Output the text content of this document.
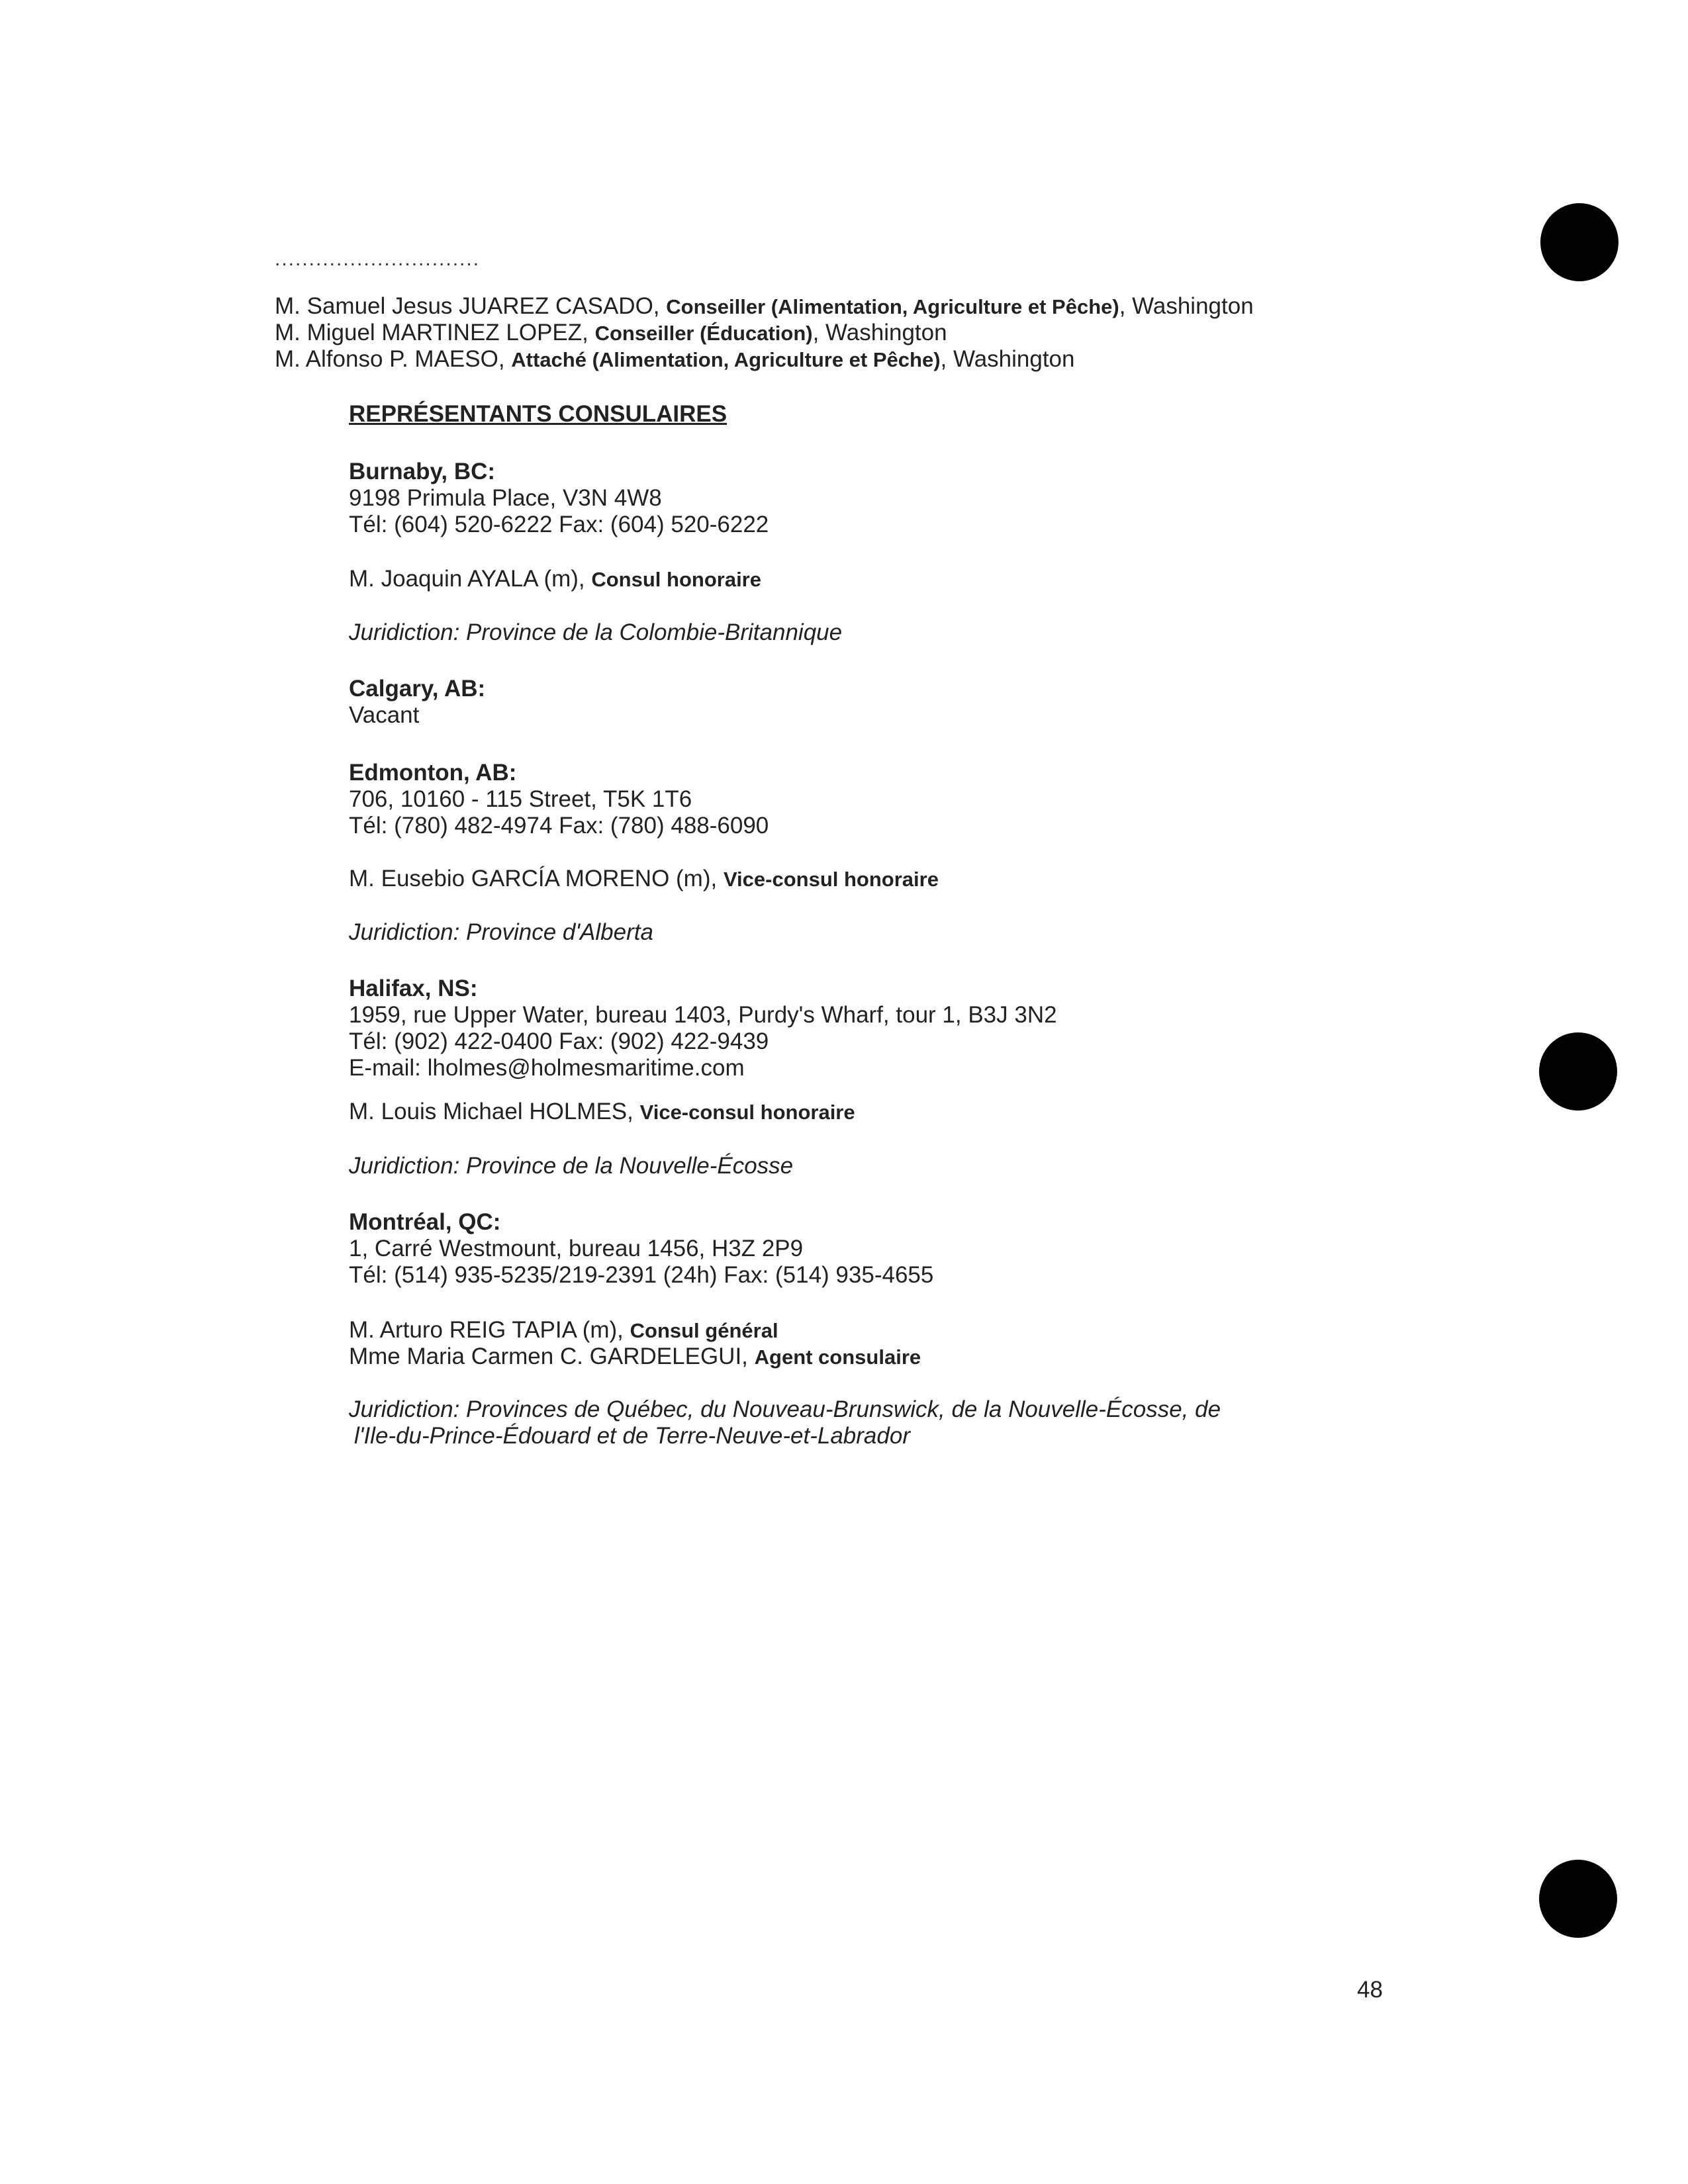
..............................
M. Samuel Jesus JUAREZ CASADO, Conseiller (Alimentation, Agriculture et Pêche), Washington
M. Miguel MARTINEZ LOPEZ, Conseiller (Éducation), Washington
M. Alfonso P. MAESO, Attaché (Alimentation, Agriculture et Pêche), Washington
REPRÉSENTANTS CONSULAIRES
Burnaby, BC:
9198 Primula Place, V3N 4W8
Tél: (604) 520-6222 Fax: (604) 520-6222
M. Joaquin AYALA (m), Consul honoraire
Juridiction: Province de la Colombie-Britannique
Calgary, AB:
Vacant
Edmonton, AB:
706, 10160 - 115 Street, T5K 1T6
Tél: (780) 482-4974 Fax: (780) 488-6090
M. Eusebio GARCÍA MORENO (m), Vice-consul honoraire
Juridiction: Province d'Alberta
Halifax, NS:
1959, rue Upper Water, bureau 1403, Purdy's Wharf, tour 1, B3J 3N2
Tél: (902) 422-0400 Fax: (902) 422-9439
E-mail: lholmes@holmesmaritime.com
M. Louis Michael HOLMES, Vice-consul honoraire
Juridiction: Province de la Nouvelle-Écosse
Montréal, QC:
1, Carré Westmount, bureau 1456, H3Z 2P9
Tél: (514) 935-5235/219-2391 (24h) Fax: (514) 935-4655
M. Arturo REIG TAPIA (m), Consul général
Mme Maria Carmen C. GARDELEGUI, Agent consulaire
Juridiction: Provinces de Québec, du Nouveau-Brunswick, de la Nouvelle-Écosse, de
l'Ile-du-Prince-Édouard et de Terre-Neuve-et-Labrador
48
